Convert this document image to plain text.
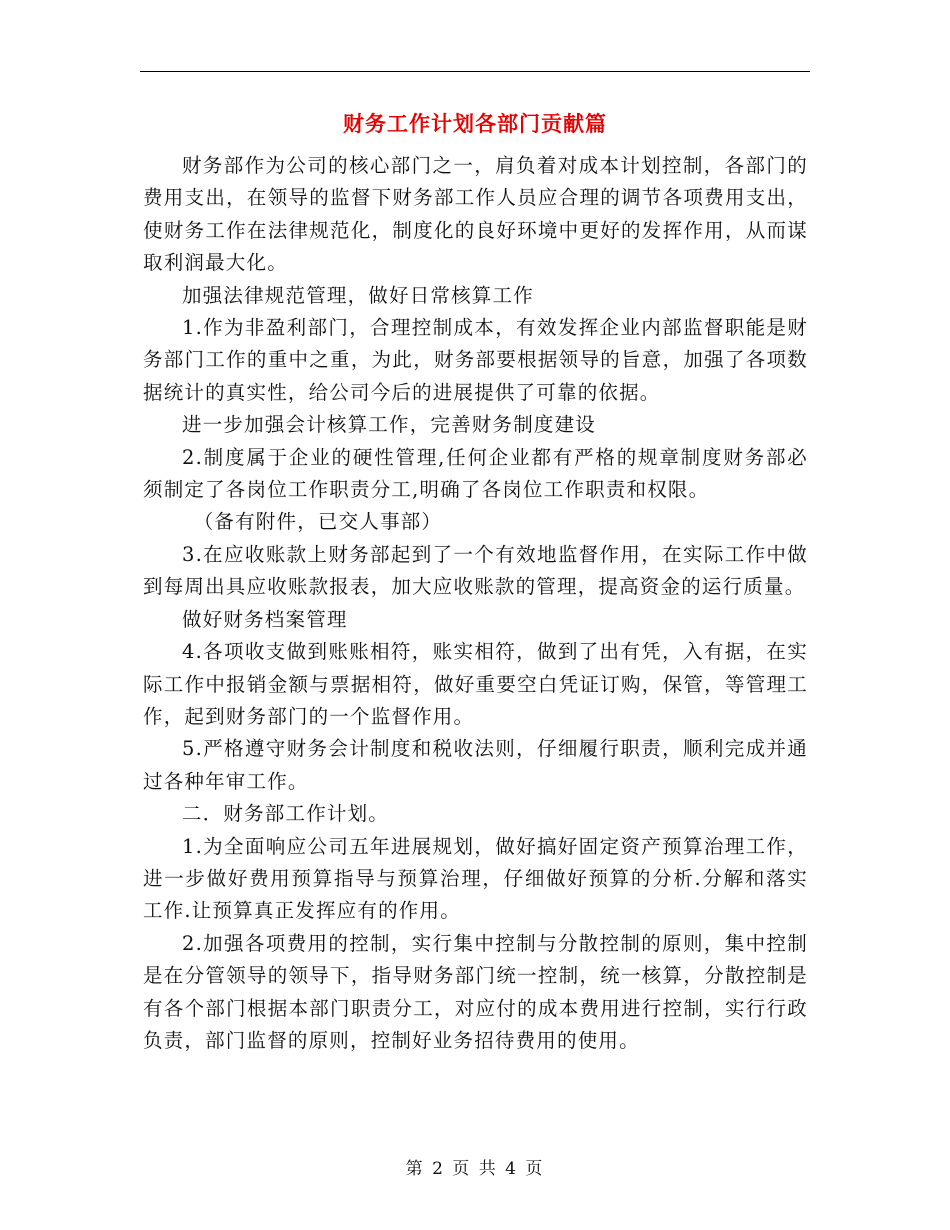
财务工作计划各部门贡献篇

财务部作为公司的核心部门之一，肩负着对成本计划控制，各部门的费用支出，在领导的监督下财务部工作人员应合理的调节各项费用支出，使财务工作在法律规范化，制度化的良好环境中更好的发挥作用，从而谋取利润最大化。

加强法律规范管理，做好日常核算工作

1.作为非盈利部门，合理控制成本，有效发挥企业内部监督职能是财务部门工作的重中之重，为此，财务部要根据领导的旨意，加强了各项数据统计的真实性，给公司今后的进展提供了可靠的依据。

进一步加强会计核算工作，完善财务制度建设

2.制度属于企业的硬性管理,任何企业都有严格的规章制度财务部必须制定了各岗位工作职责分工,明确了各岗位工作职责和权限。

（备有附件，已交人事部）

3.在应收账款上财务部起到了一个有效地监督作用，在实际工作中做到每周出具应收账款报表，加大应收账款的管理，提高资金的运行质量。

做好财务档案管理

4.各项收支做到账账相符，账实相符，做到了出有凭，入有据，在实际工作中报销金额与票据相符，做好重要空白凭证订购，保管，等管理工作，起到财务部门的一个监督作用。

5.严格遵守财务会计制度和税收法则，仔细履行职责，顺利完成并通过各种年审工作。

二．财务部工作计划。

1.为全面响应公司五年进展规划，做好搞好固定资产预算治理工作，进一步做好费用预算指导与预算治理，仔细做好预算的分析.分解和落实工作.让预算真正发挥应有的作用。

2.加强各项费用的控制，实行集中控制与分散控制的原则，集中控制是在分管领导的领导下，指导财务部门统一控制，统一核算，分散控制是有各个部门根据本部门职责分工，对应付的成本费用进行控制，实行行政负责，部门监督的原则，控制好业务招待费用的使用。

第 2 页 共 4 页
